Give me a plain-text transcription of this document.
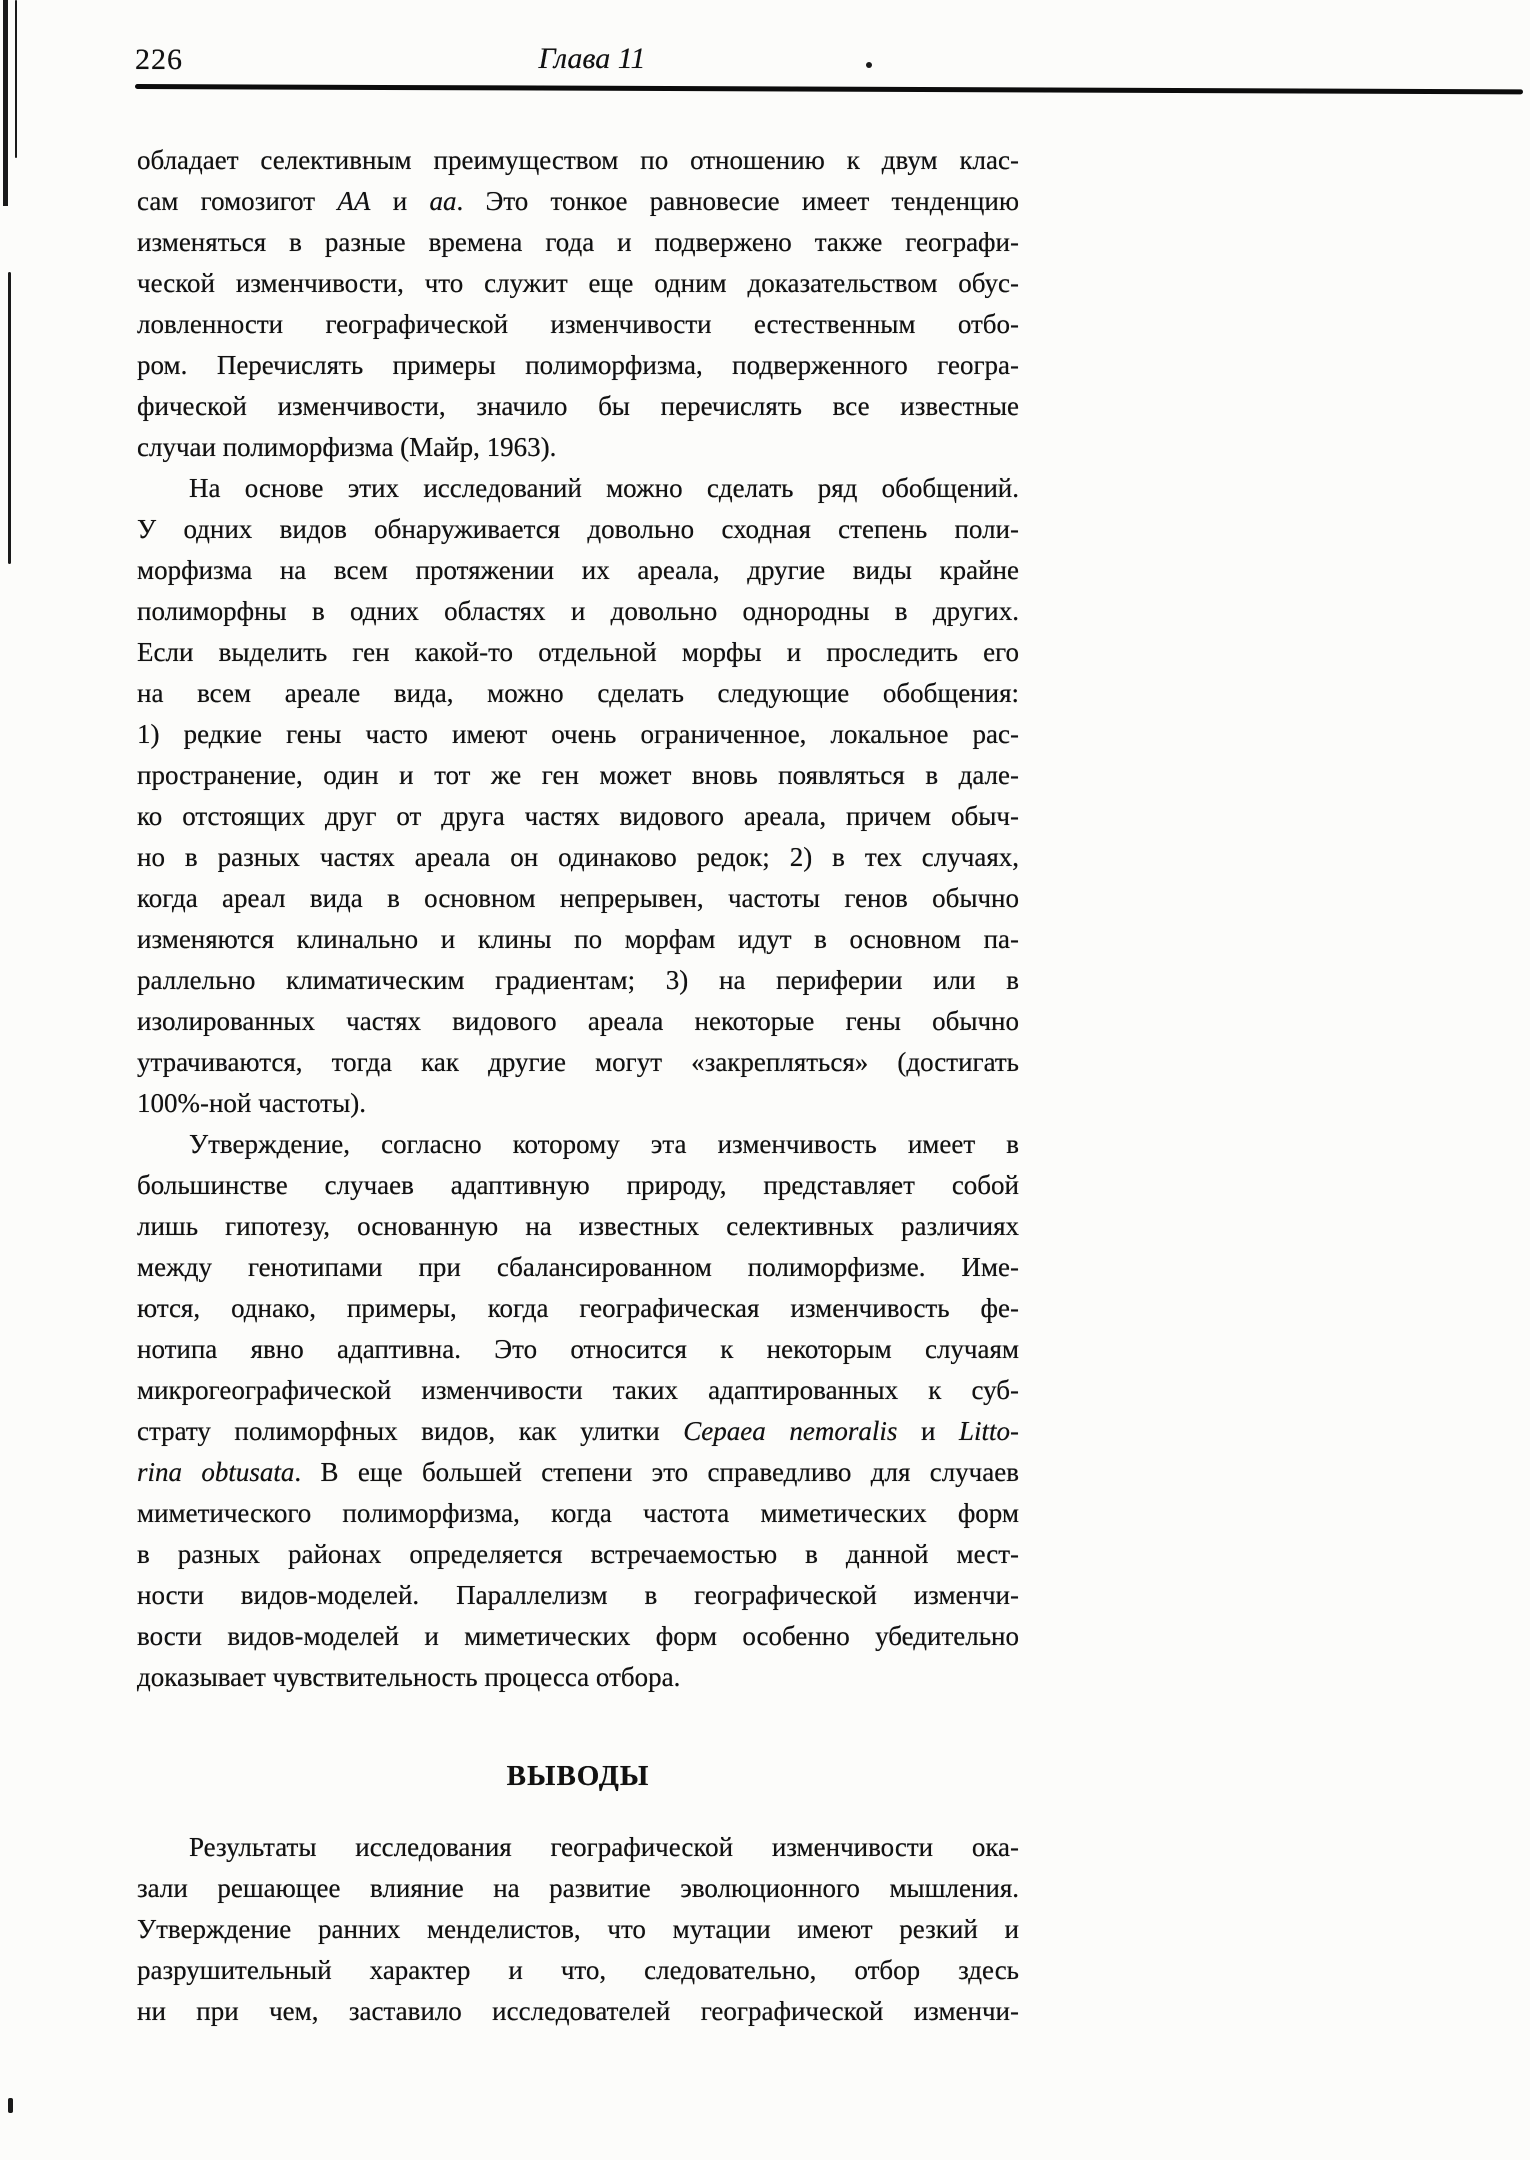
226	Глава 11
обладает селективным преимуществом по отношению к двум клас-
сам гомозигот АА и аа. Это тонкое равновесие имеет тенденцию
изменяться в разные времена года и подвержено также географи-
ческой изменчивости, что служит еще одним доказательством обус-
ловленности географической изменчивости естественным отбо-
ром. Перечислять примеры полиморфизма, подверженного геогра-
фической изменчивости, значило бы перечислять все известные
случаи полиморфизма (Майр, 1963).
На основе этих исследований можно сделать ряд обобщений.
У одних видов обнаруживается довольно сходная степень поли-
морфизма на всем протяжении их ареала, другие виды крайне
полиморфны в одних областях и довольно однородны в других.
Если выделить ген какой-то отдельной морфы и проследить его
на всем ареале вида, можно сделать следующие обобщения:
1) редкие гены часто имеют очень ограниченное, локальное рас-
пространение, один и тот же ген может вновь появляться в дале-
ко отстоящих друг от друга частях видового ареала, причем обыч-
но в разных частях ареала он одинаково редок; 2) в тех случаях,
когда ареал вида в основном непрерывен, частоты генов обычно
изменяются клинально и клины по морфам идут в основном па-
раллельно климатическим градиентам; 3) на периферии или в
изолированных частях видового ареала некоторые гены обычно
утрачиваются, тогда как другие могут «закрепляться» (достигать
100%-ной частоты).
Утверждение, согласно которому эта изменчивость имеет в
большинстве случаев адаптивную природу, представляет собой
лишь гипотезу, основанную на известных селективных различиях
между генотипами при сбалансированном полиморфизме. Име-
ются, однако, примеры, когда географическая изменчивость фе-
нотипа явно адаптивна. Это относится к некоторым случаям
микрогеографической изменчивости таких адаптированных к суб-
страту полиморфных видов, как улитки Cepaea nemoralis и Litto-
rina obtusata. В еще большей степени это справедливо для случаев
миметического полиморфизма, когда частота миметических форм
в разных районах определяется встречаемостью в данной мест-
ности видов-моделей. Параллелизм в географической изменчи-
вости видов-моделей и миметических форм особенно убедительно
доказывает чувствительность процесса отбора.
ВЫВОДЫ
Результаты исследования географической изменчивости ока-
зали решающее влияние на развитие эволюционного мышления.
Утверждение ранних менделистов, что мутации имеют резкий и
разрушительный характер и что, следовательно, отбор здесь
ни при чем, заставило исследователей географической изменчи-
